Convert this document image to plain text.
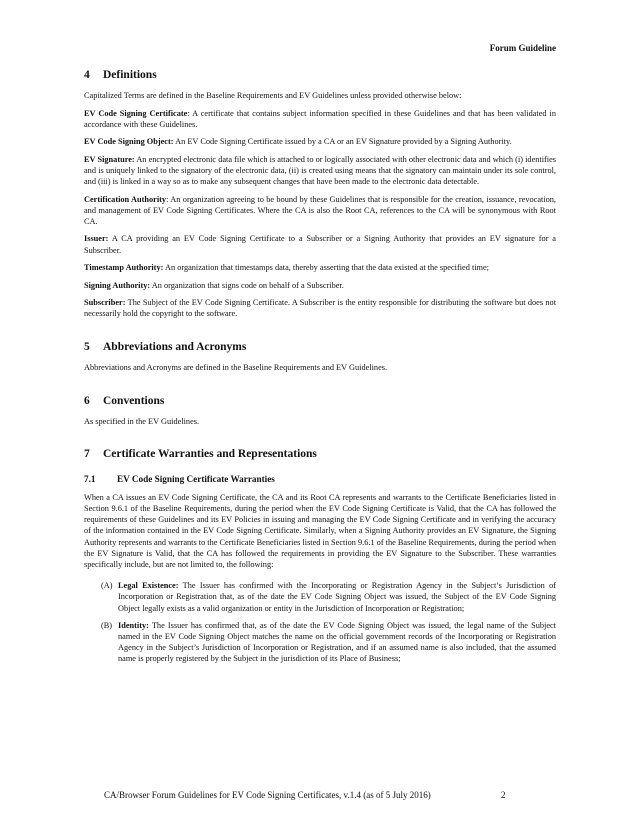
Forum Guideline
4 Definitions

Capitalized Terms are defined in the Baseline Requirements and EV Guidelines unless provided otherwise below:

EV Code Signing Certificate: A certificate that contains subject information specified in these Guidelines and that has been validated in accordance with these Guidelines.

EV Code Signing Object: An EV Code Signing Certificate issued by a CA or an EV Signature provided by a Signing Authority.

EV Signature: An encrypted electronic data file which is attached to or logically associated with other electronic data and which (i) identifies and is uniquely linked to the signatory of the electronic data, (ii) is created using means that the signatory can maintain under its sole control, and (iii) is linked in a way so as to make any subsequent changes that have been made to the electronic data detectable.

Certification Authority: An organization agreeing to be bound by these Guidelines that is responsible for the creation, issuance, revocation, and management of EV Code Signing Certificates. Where the CA is also the Root CA, references to the CA will be synonymous with Root CA.

Issuer: A CA providing an EV Code Signing Certificate to a Subscriber or a Signing Authority that provides an EV signature for a Subscriber.

Timestamp Authority: An organization that timestamps data, thereby asserting that the data existed at the specified time;

Signing Authority: An organization that signs code on behalf of a Subscriber.

Subscriber: The Subject of the EV Code Signing Certificate. A Subscriber is the entity responsible for distributing the software but does not necessarily hold the copyright to the software.

5 Abbreviations and Acronyms

Abbreviations and Acronyms are defined in the Baseline Requirements and EV Guidelines.

6 Conventions

As specified in the EV Guidelines.

7 Certificate Warranties and Representations
7.1 EV Code Signing Certificate Warranties

When a CA issues an EV Code Signing Certificate, the CA and its Root CA represents and warrants to the Certificate Beneficiaries listed in Section 9.6.1 of the Baseline Requirements, during the period when the EV Code Signing Certificate is Valid, that the CA has followed the requirements of these Guidelines and its EV Policies in issuing and managing the EV Code Signing Certificate and in verifying the accuracy of the information contained in the EV Code Signing Certificate. Similarly, when a Signing Authority provides an EV Signature, the Signing Authority represents and warrants to the Certificate Beneficiaries listed in Section 9.6.1 of the Baseline Requirements, during the period when the EV Signature is Valid, that the CA has followed the requirements in providing the EV Signature to the Subscriber. These warranties specifically include, but are not limited to, the following:

(A) Legal Existence: The Issuer has confirmed with the Incorporating or Registration Agency in the Subject’s Jurisdiction of Incorporation or Registration that, as of the date the EV Code Signing Object was issued, the Subject of the EV Code Signing Object legally exists as a valid organization or entity in the Jurisdiction of Incorporation or Registration;
(B) Identity: The Issuer has confirmed that, as of the date the EV Code Signing Object was issued, the legal name of the Subject named in the EV Code Signing Object matches the name on the official government records of the Incorporating or Registration Agency in the Subject’s Jurisdiction of Incorporation or Registration, and if an assumed name is also included, that the assumed name is properly registered by the Subject in the jurisdiction of its Place of Business;
CA/Browser Forum Guidelines for EV Code Signing Certificates, v.1.4 (as of 5 July 2016)	2
